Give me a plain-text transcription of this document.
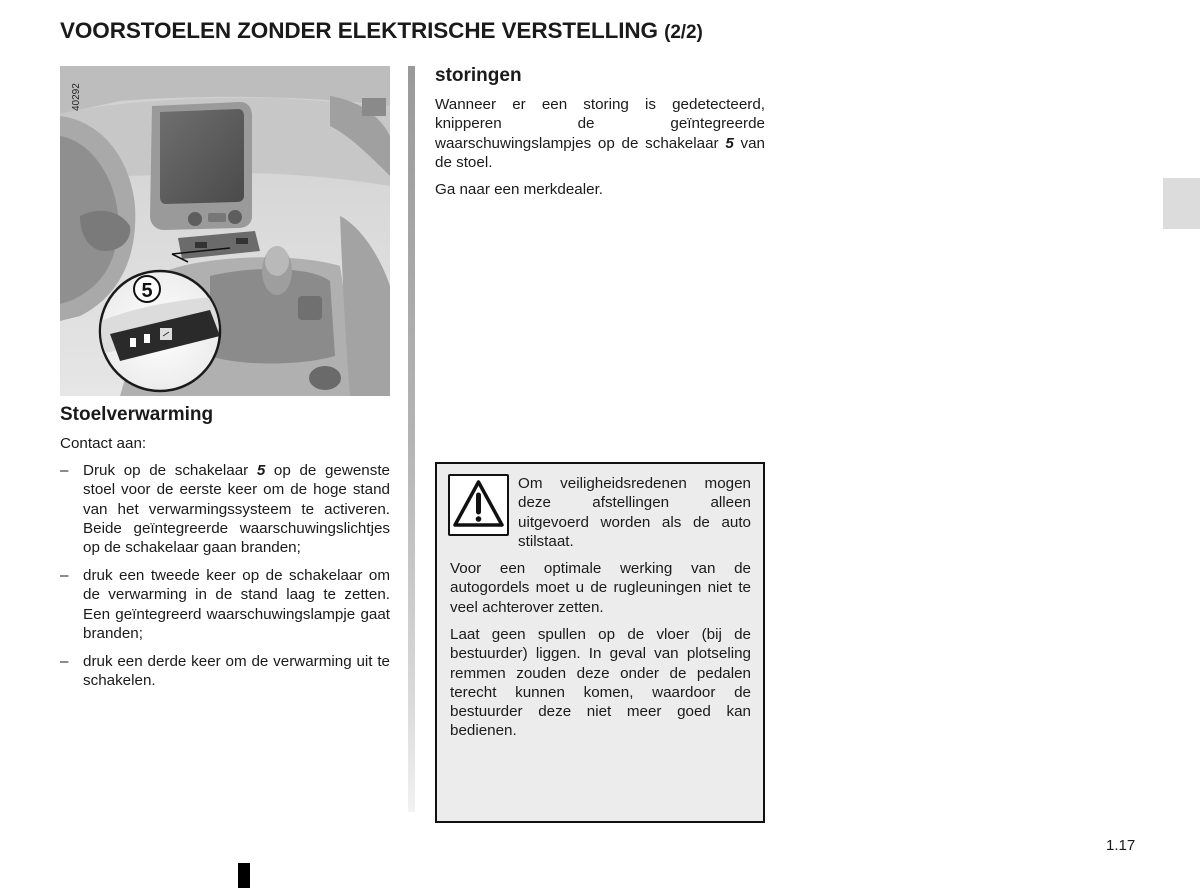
VOORSTOELEN ZONDER ELEKTRISCHE VERSTELLING (2/2)
5
40292
Stoelverwarming

Contact aan:

– Druk op de schakelaar 5 op de gewenste stoel voor de eerste keer om de hoge stand van het verwarmingssysteem te activeren. Beide geïntegreerde waarschuwingslichtjes op de schakelaar gaan branden;
– druk een tweede keer op de schakelaar om de verwarming in de stand laag te zetten. Een geïntegreerd waarschuwingslampje gaat branden;
– druk een derde keer om de verwarming uit te schakelen.
storingen

Wanneer er een storing is gedetecteerd, knipperen de geïntegreerde waarschuwingslampjes op de schakelaar 5 van de stoel.

Ga naar een merkdealer.

Om veiligheidsredenen mogen deze afstellingen alleen uitgevoerd worden als de auto stilstaat.

Voor een optimale werking van de autogordels moet u de rugleuningen niet te veel achterover zetten.

Laat geen spullen op de vloer (bij de bestuurder) liggen. In geval van plotseling remmen zouden deze onder de pedalen terecht kunnen komen, waardoor de bestuurder deze niet meer goed kan bedienen.

1.17
